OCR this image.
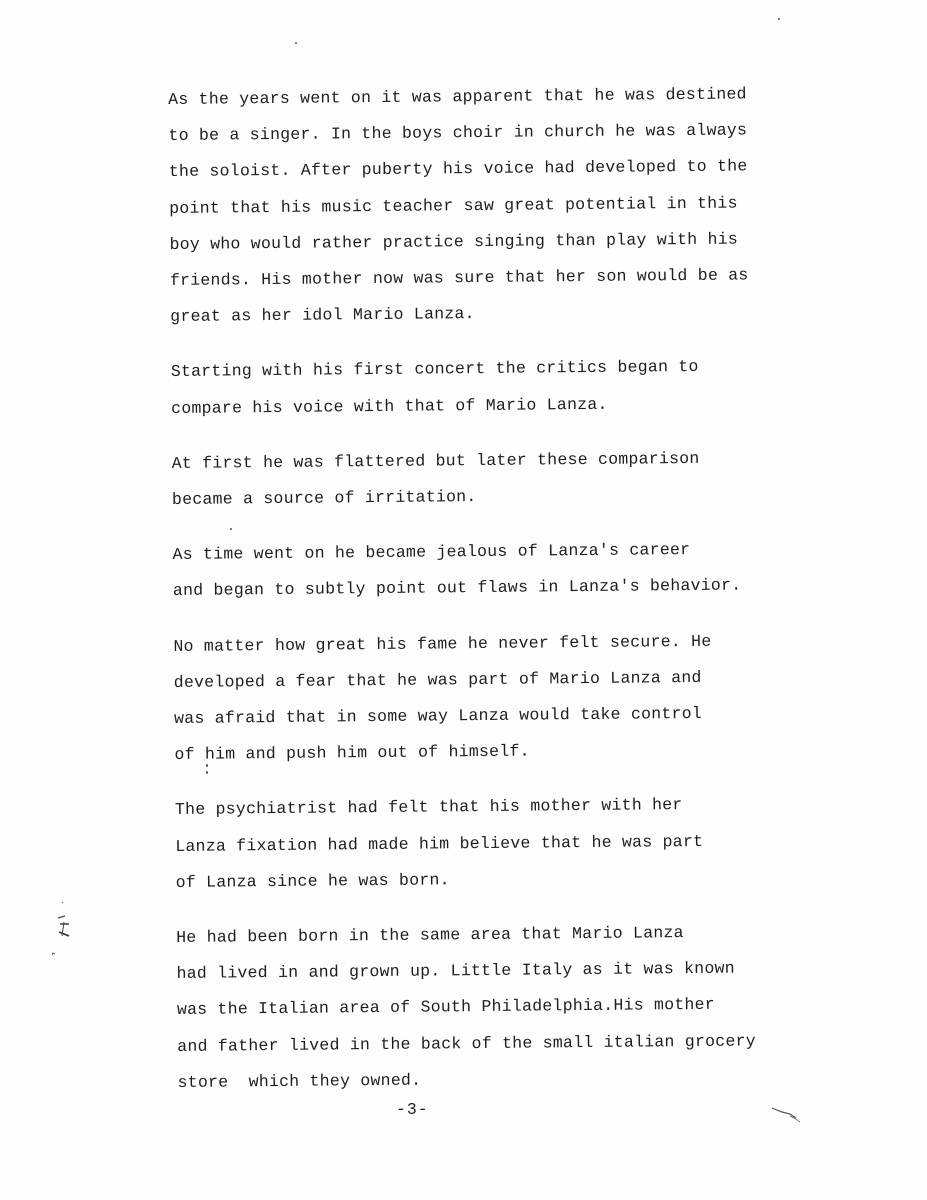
As the years went on it was apparent that he was destined
to be a singer. In the boys choir in church he was always
the soloist. After puberty his voice had developed to the
point that his music teacher saw great potential in this
boy who would rather practice singing than play with his
friends. His mother now was sure that her son would be as
great as her idol Mario Lanza.
Starting with his first concert the critics began to
compare his voice with that of Mario Lanza.
At first he was flattered but later these comparison
became a source of irritation.
As time went on he became jealous of Lanza's career
and began to subtly point out flaws in Lanza's behavior.
No matter how great his fame he never felt secure. He
developed a fear that he was part of Mario Lanza and
was afraid that in some way Lanza would take control
of him and push him out of himself.
The psychiatrist had felt that his mother with her
Lanza fixation had made him believe that he was part
of Lanza since he was born.
He had been born in the same area that Mario Lanza
had lived in and grown up. Little Italy as it was known
was the Italian area of South Philadelphia.His mother
and father lived in the back of the small italian grocery
store  which they owned.
-3-
